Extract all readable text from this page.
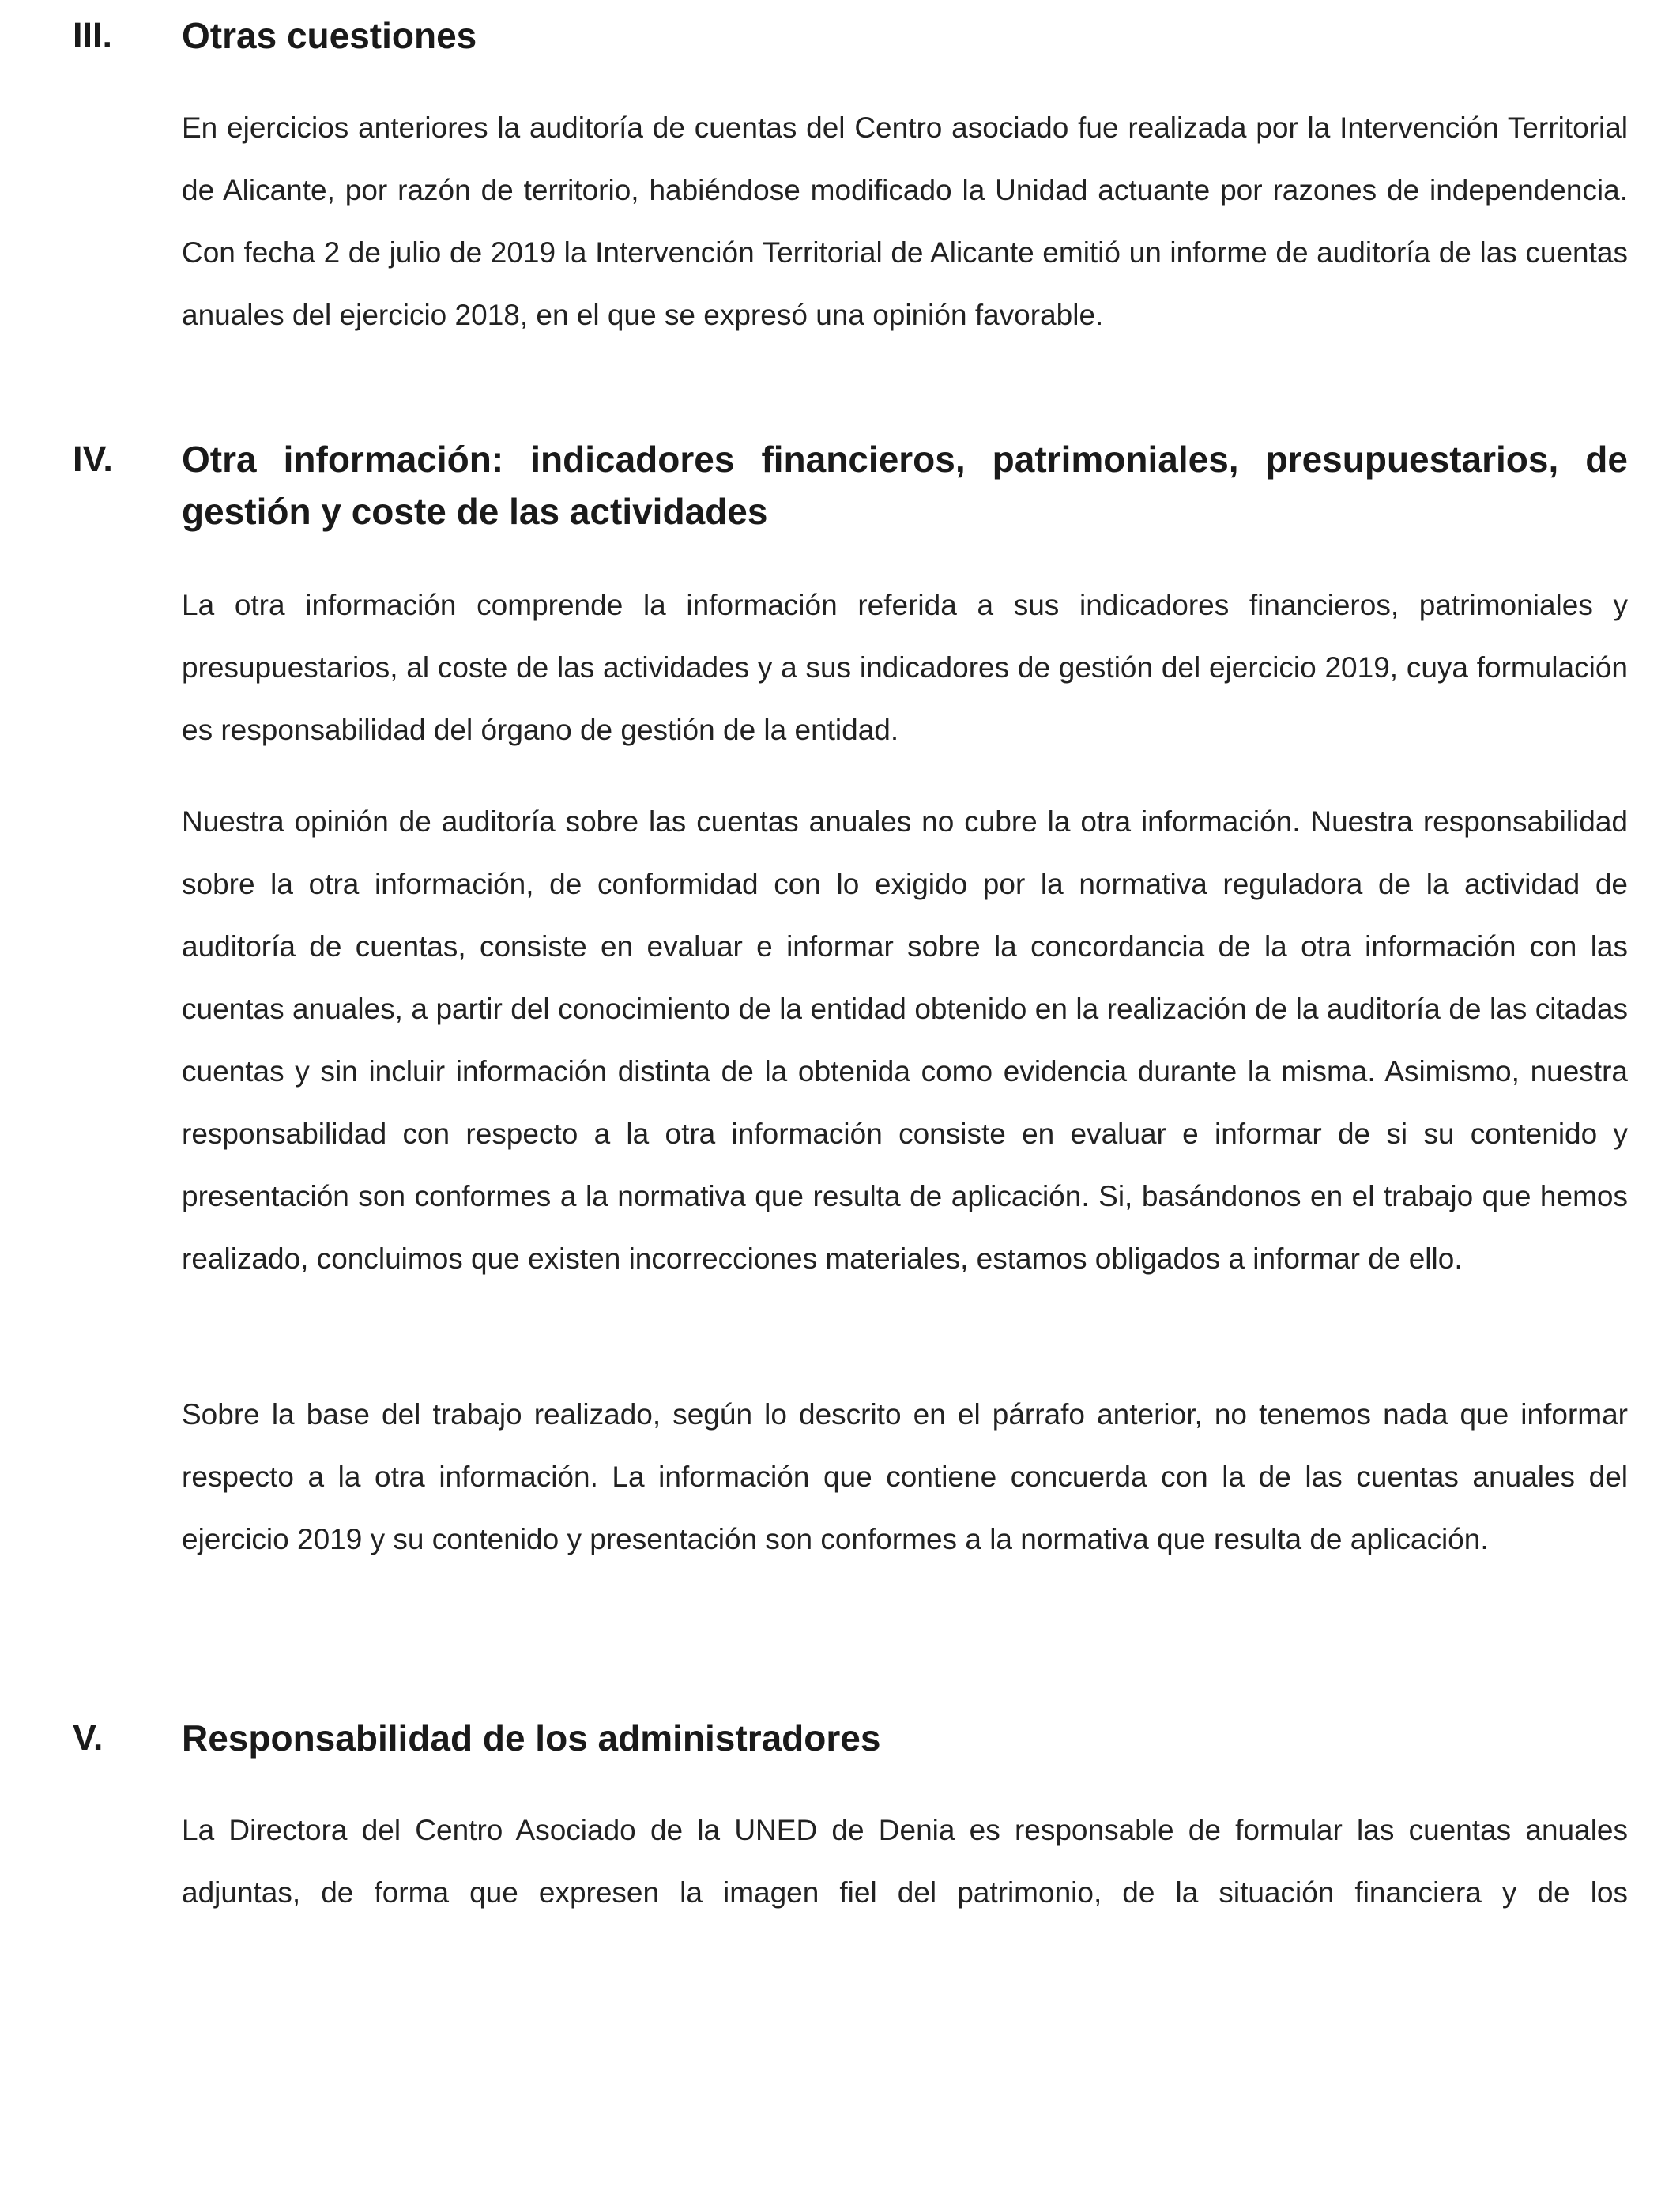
III. Otras cuestiones
En ejercicios anteriores la auditoría de cuentas del Centro asociado fue realizada por la Intervención Territorial de Alicante, por razón de territorio, habiéndose modificado la Unidad actuante por razones de independencia. Con fecha 2 de julio de 2019 la Intervención Territorial de Alicante emitió un informe de auditoría de las cuentas anuales del ejercicio 2018, en el que se expresó una opinión favorable.
IV. Otra información: indicadores financieros, patrimoniales, presupuestarios, de gestión y coste de las actividades
La otra información comprende la información referida a sus indicadores financieros, patrimoniales y presupuestarios, al coste de las actividades y a sus indicadores de gestión del ejercicio 2019, cuya formulación es responsabilidad del órgano de gestión de la entidad.
Nuestra opinión de auditoría sobre las cuentas anuales no cubre la otra información. Nuestra responsabilidad sobre la otra información, de conformidad con lo exigido por la normativa reguladora de la actividad de auditoría de cuentas, consiste en evaluar e informar sobre la concordancia de la otra información con las cuentas anuales, a partir del conocimiento de la entidad obtenido en la realización de la auditoría de las citadas cuentas y sin incluir información distinta de la obtenida como evidencia durante la misma. Asimismo, nuestra responsabilidad con respecto a la otra información consiste en evaluar e informar de si su contenido y presentación son conformes a la normativa que resulta de aplicación. Si, basándonos en el trabajo que hemos realizado, concluimos que existen incorrecciones materiales, estamos obligados a informar de ello.
Sobre la base del trabajo realizado, según lo descrito en el párrafo anterior, no tenemos nada que informar respecto a la otra información. La información que contiene concuerda con la de las cuentas anuales del ejercicio 2019 y su contenido y presentación son conformes a la normativa que resulta de aplicación.
V. Responsabilidad de los administradores
La Directora del Centro Asociado de la UNED de Denia es responsable de formular las cuentas anuales adjuntas, de forma que expresen la imagen fiel del patrimonio, de la situación financiera y de los
